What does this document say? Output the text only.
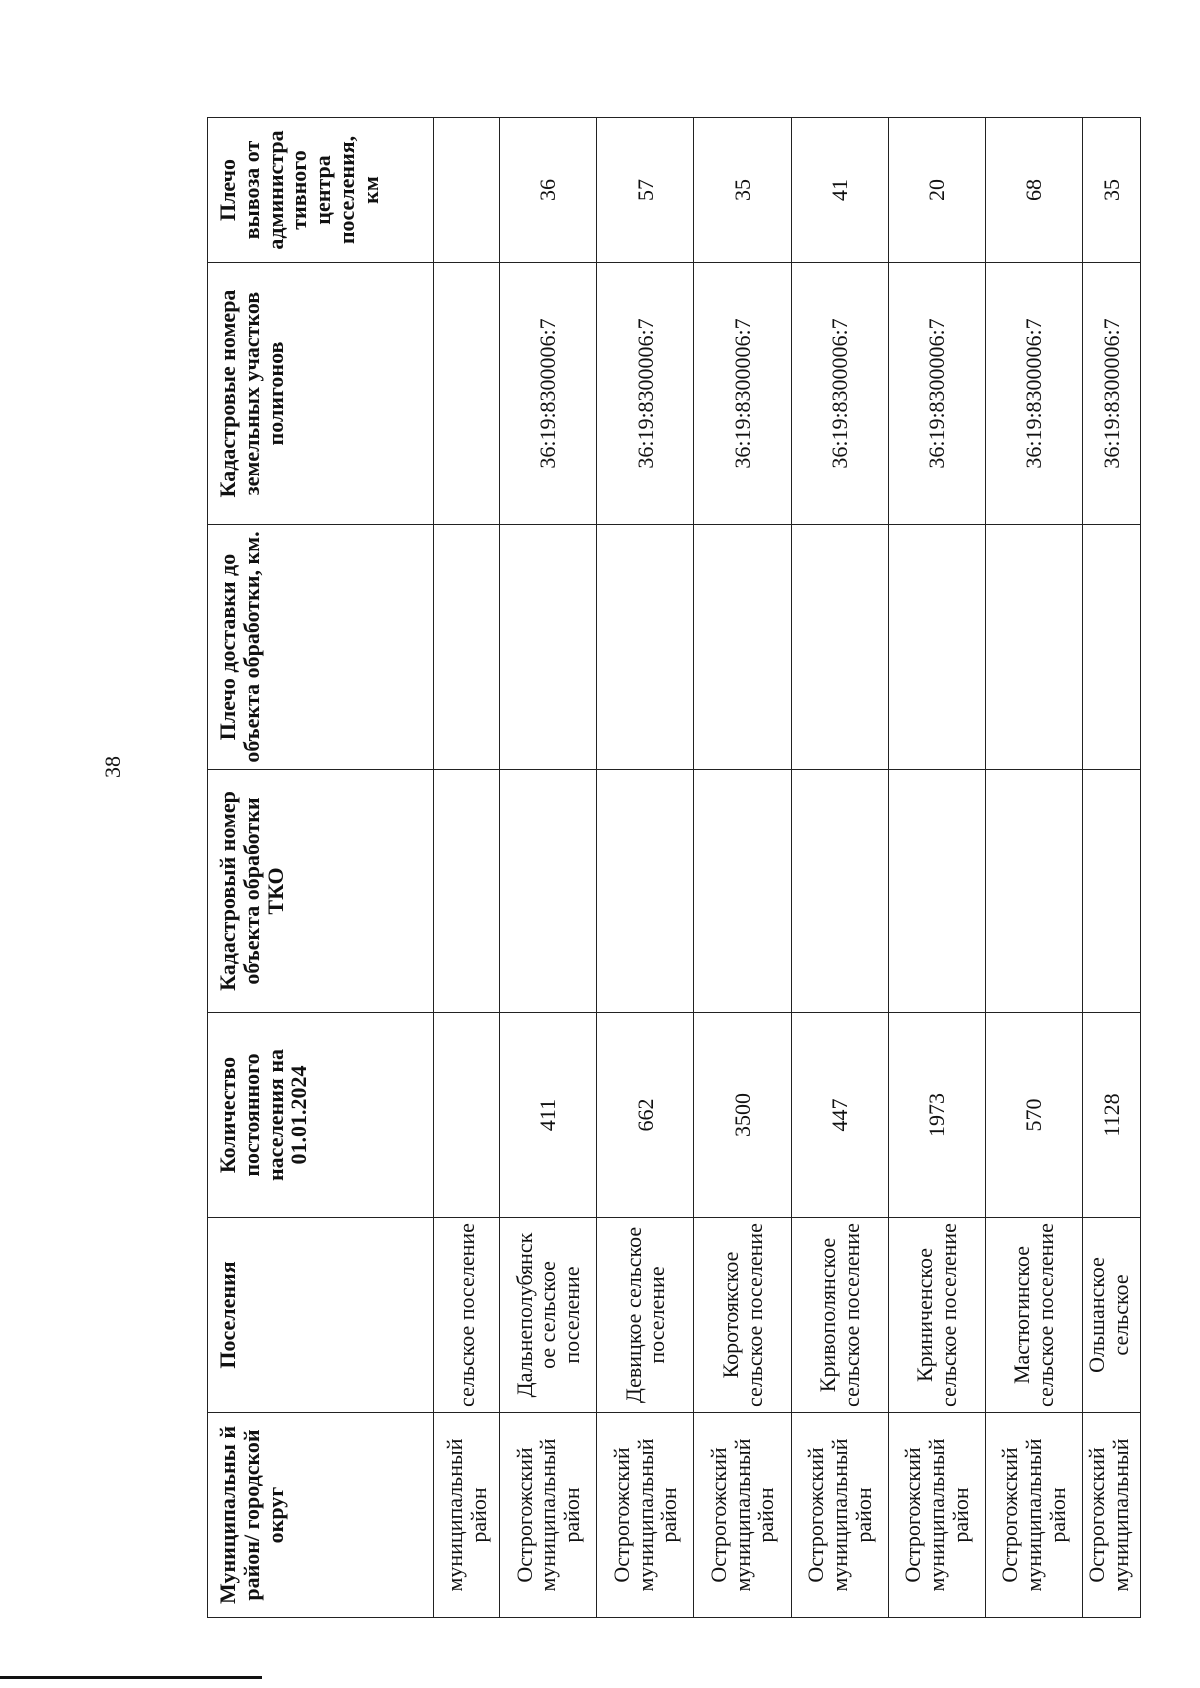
38
Муниципальны й район/ городской округ	Поселения	Количество постоянного населения на 01.01.2024	Кадастровый номер объекта обработки ТКО	Плечо доставки до объекта обработки, км.	Кадастровые номера земельных участков полигонов	Плечо вывоза от администра тивного центра поселения, км
муниципальный район	сельское поселение					
Острогожский муниципальный район	Дальнеполубянск ое сельское поселение	411			36:19:8300006:7	36
Острогожский муниципальный район	Девицкое сельское поселение	662			36:19:8300006:7	57
Острогожский муниципальный район	Коротоякское сельское поселение	3500			36:19:8300006:7	35
Острогожский муниципальный район	Кривополянское сельское поселение	447			36:19:8300006:7	41
Острогожский муниципальный район	Криниченское сельское поселение	1973			36:19:8300006:7	20
Острогожский муниципальный район	Мастюгинское сельское поселение	570			36:19:8300006:7	68
Острогожский муниципальный	Ольшанское сельское	1128			36:19:8300006:7	35
